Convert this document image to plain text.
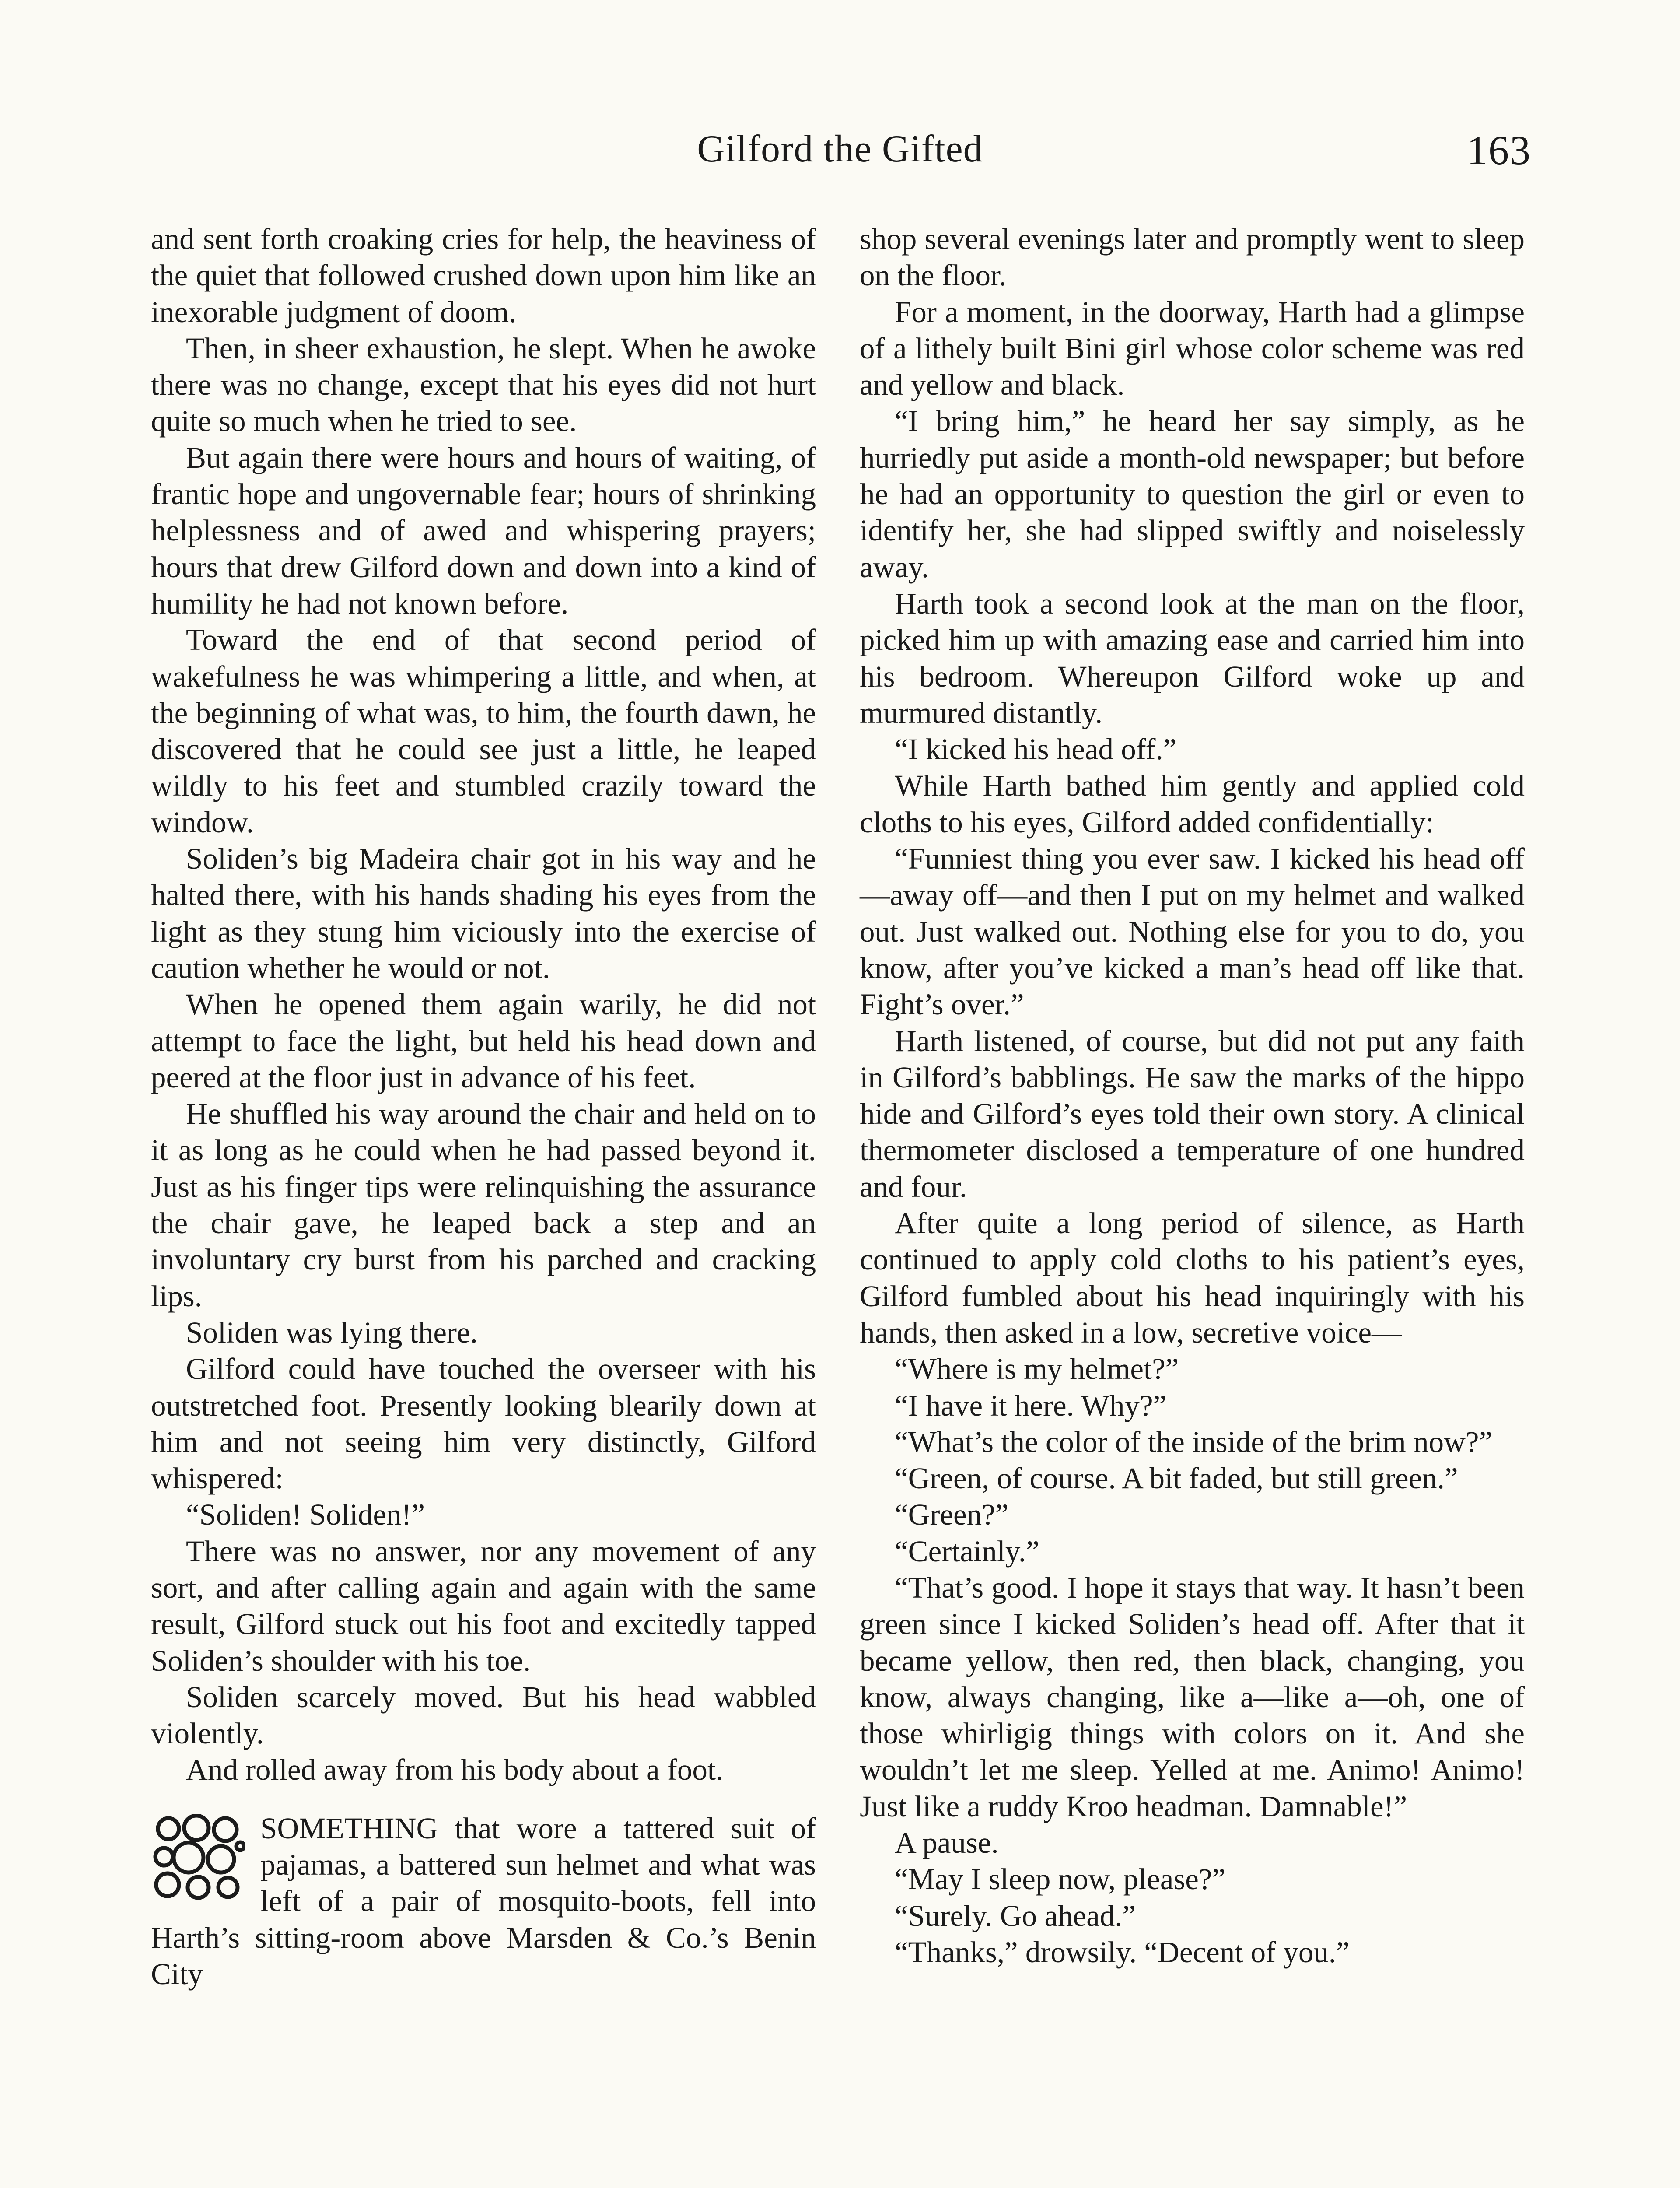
Gilford the Gifted	163

and sent forth croaking cries for help, the heaviness of the quiet that followed crushed down upon him like an inexorable judgment of doom.

Then, in sheer exhaustion, he slept. When he awoke there was no change, except that his eyes did not hurt quite so much when he tried to see.

But again there were hours and hours of waiting, of frantic hope and ungovernable fear; hours of shrinking helplessness and of awed and whispering prayers; hours that drew Gilford down and down into a kind of humility he had not known before.

Toward the end of that second period of wakefulness he was whimpering a little, and when, at the beginning of what was, to him, the fourth dawn, he discovered that he could see just a little, he leaped wildly to his feet and stumbled crazily toward the window.

Soliden’s big Madeira chair got in his way and he halted there, with his hands shading his eyes from the light as they stung him viciously into the exercise of caution whether he would or not.

When he opened them again warily, he did not attempt to face the light, but held his head down and peered at the floor just in advance of his feet.

He shuffled his way around the chair and held on to it as long as he could when he had passed beyond it. Just as his finger tips were relinquishing the assurance the chair gave, he leaped back a step and an involuntary cry burst from his parched and cracking lips.

Soliden was lying there.

Gilford could have touched the overseer with his outstretched foot. Presently looking blearily down at him and not seeing him very distinctly, Gilford whispered:

“Soliden! Soliden!”

There was no answer, nor any movement of any sort, and after calling again and again with the same result, Gilford stuck out his foot and excitedly tapped Soliden’s shoulder with his toe.

Soliden scarcely moved. But his head wabbled violently.

And rolled away from his body about a foot.

SOMETHING that wore a tattered suit of pajamas, a battered sun helmet and what was left of a pair of mosquito-boots, fell into Harth’s sitting-room above Marsden & Co.’s Benin City

shop several evenings later and promptly went to sleep on the floor.

For a moment, in the doorway, Harth had a glimpse of a lithely built Bini girl whose color scheme was red and yellow and black.

“I bring him,” he heard her say simply, as he hurriedly put aside a month-old newspaper; but before he had an opportunity to question the girl or even to identify her, she had slipped swiftly and noiselessly away.

Harth took a second look at the man on the floor, picked him up with amazing ease and carried him into his bedroom. Whereupon Gilford woke up and murmured distantly.

“I kicked his head off.”

While Harth bathed him gently and applied cold cloths to his eyes, Gilford added confidentially:

“Funniest thing you ever saw. I kicked his head off—away off—and then I put on my helmet and walked out. Just walked out. Nothing else for you to do, you know, after you’ve kicked a man’s head off like that. Fight’s over.”

Harth listened, of course, but did not put any faith in Gilford’s babblings. He saw the marks of the hippo hide and Gilford’s eyes told their own story. A clinical thermometer disclosed a temperature of one hundred and four.

After quite a long period of silence, as Harth continued to apply cold cloths to his patient’s eyes, Gilford fumbled about his head inquiringly with his hands, then asked in a low, secretive voice—

“Where is my helmet?”

“I have it here. Why?”

“What’s the color of the inside of the brim now?”

“Green, of course. A bit faded, but still green.”

“Green?”

“Certainly.”

“That’s good. I hope it stays that way. It hasn’t been green since I kicked Soliden’s head off. After that it became yellow, then red, then black, changing, you know, always changing, like a—like a—oh, one of those whirligig things with colors on it. And she wouldn’t let me sleep. Yelled at me. Animo! Animo! Just like a ruddy Kroo headman. Damnable!”

A pause.

“May I sleep now, please?”

“Surely. Go ahead.”

“Thanks,” drowsily. “Decent of you.”
